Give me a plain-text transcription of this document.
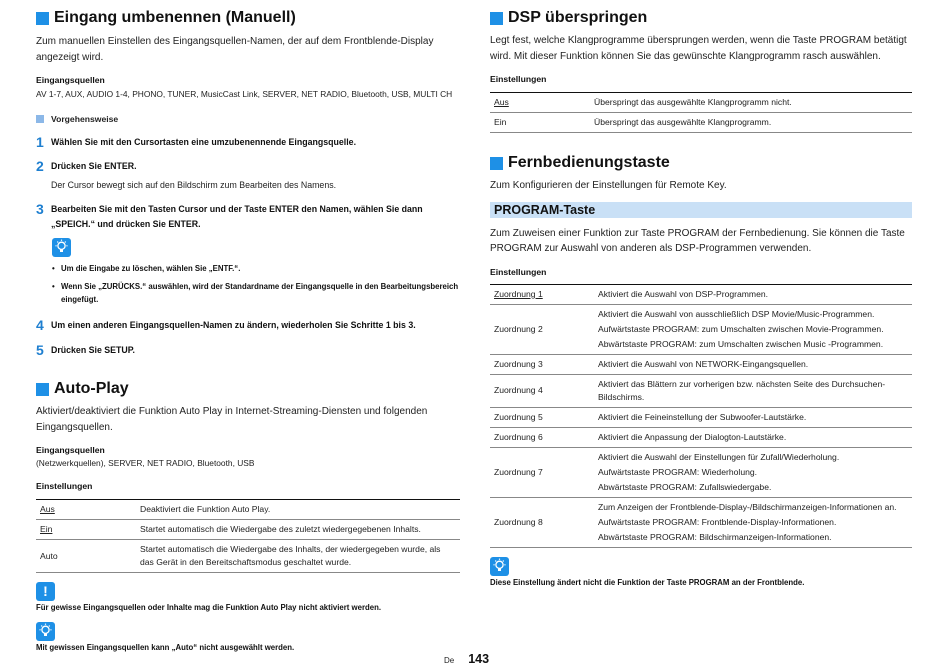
Eingang umbenennen (Manuell)

Zum manuellen Einstellen des Eingangsquellen-Namen, der auf dem Frontblende-Display angezeigt wird.

Eingangsquellen
AV 1-7, AUX, AUDIO 1-4, PHONO, TUNER, MusicCast Link, SERVER, NET RADIO, Bluetooth, USB, MULTI CH
Vorgehensweise
1 Wählen Sie mit den Cursortasten eine umzubenennende Eingangsquelle.
2 Drücken Sie ENTER.
Der Cursor bewegt sich auf den Bildschirm zum Bearbeiten des Namens.
3 Bearbeiten Sie mit den Tasten Cursor und der Taste ENTER den Namen, wählen Sie dann „SPEICH.“ und drücken Sie ENTER.
• Um die Eingabe zu löschen, wählen Sie „ENTF.“.
• Wenn Sie „ZURÜCKS.“ auswählen, wird der Standardname der Eingangsquelle in den Bearbeitungsbereich eingefügt.
4 Um einen anderen Eingangsquellen-Namen zu ändern, wiederholen Sie Schritte 1 bis 3.
5 Drücken Sie SETUP.
Auto-Play

Aktiviert/deaktiviert die Funktion Auto Play in Internet-Streaming-Diensten und folgenden Eingangsquellen.

Eingangsquellen
(Netzwerkquellen), SERVER, NET RADIO, Bluetooth, USB
Einstellungen
Aus	Deaktiviert die Funktion Auto Play.
Ein	Startet automatisch die Wiedergabe des zuletzt wiedergegebenen Inhalts.
Auto	Startet automatisch die Wiedergabe des Inhalts, der wiedergegeben wurde, als das Gerät in den Bereitschaftsmodus geschaltet wurde.
!
Für gewisse Eingangsquellen oder Inhalte mag die Funktion Auto Play nicht aktiviert werden.
Mit gewissen Eingangsquellen kann „Auto“ nicht ausgewählt werden.
DSP überspringen

Legt fest, welche Klangprogramme übersprungen werden, wenn die Taste PROGRAM betätigt wird. Mit dieser Funktion können Sie das gewünschte Klangprogramm rasch auswählen.

Einstellungen
Aus	Überspringt das ausgewählte Klangprogramm nicht.
Ein	Überspringt das ausgewählte Klangprogramm.
Fernbedienungstaste

Zum Konfigurieren der Einstellungen für Remote Key.

PROGRAM-Taste

Zum Zuweisen einer Funktion zur Taste PROGRAM der Fernbedienung. Sie können die Taste PROGRAM zur Auswahl von anderen als DSP-Programmen verwenden.

Einstellungen
Zuordnung 1	Aktiviert die Auswahl von DSP-Programmen.

Zuordnung 2	Aktiviert die Auswahl von ausschließlich DSP Movie/Music-Programmen.
Aufwärtstaste PROGRAM: zum Umschalten zwischen Movie-Programmen.
Abwärtstaste PROGRAM: zum Umschalten zwischen Music -Programmen.

Zuordnung 3	Aktiviert die Auswahl von NETWORK-Eingangsquellen.

Zuordnung 4	Aktiviert das Blättern zur vorherigen bzw. nächsten Seite des Durchsuchen-Bildschirms.

Zuordnung 5	Aktiviert die Feineinstellung der Subwoofer-Lautstärke.

Zuordnung 6	Aktiviert die Anpassung der Dialogton-Lautstärke.

Zuordnung 7	Aktiviert die Auswahl der Einstellungen für Zufall/Wiederholung.
Aufwärtstaste PROGRAM: Wiederholung.
Abwärtstaste PROGRAM: Zufallswiedergabe.

Zuordnung 8	Zum Anzeigen der Frontblende-Display-/Bildschirmanzeigen-Informationen an.
Aufwärtstaste PROGRAM: Frontblende-Display-Informationen.
Abwärtstaste PROGRAM: Bildschirmanzeigen-Informationen.
Diese Einstellung ändert nicht die Funktion der Taste PROGRAM an der Frontblende.
De 143
